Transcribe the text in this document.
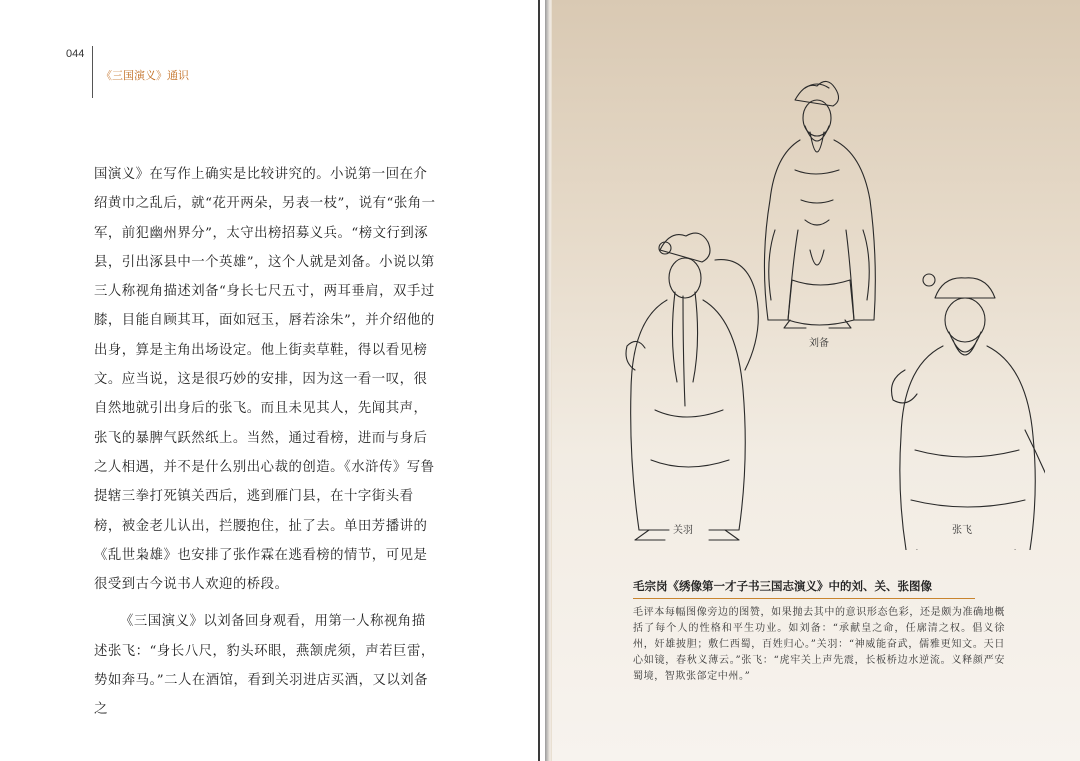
044
《三国演义》通识

国演义》在写作上确实是比较讲究的。小说第一回在介绍黄巾之乱后，就“花开两朵，另表一枝”，说有“张角一军，前犯幽州界分”，太守出榜招募义兵。“榜文行到涿县，引出涿县中一个英雄”，这个人就是刘备。小说以第三人称视角描述刘备“身长七尺五寸，两耳垂肩，双手过膝，目能自顾其耳，面如冠玉，唇若涂朱”，并介绍他的出身，算是主角出场设定。他上街卖草鞋，得以看见榜文。应当说，这是很巧妙的安排，因为这一看一叹，很自然地就引出身后的张飞。而且未见其人，先闻其声，张飞的暴脾气跃然纸上。当然，通过看榜，进而与身后之人相遇，并不是什么别出心裁的创造。《水浒传》写鲁提辖三拳打死镇关西后，逃到雁门县，在十字街头看榜，被金老儿认出，拦腰抱住，扯了去。单田芳播讲的《乱世枭雄》也安排了张作霖在逃看榜的情节，可见是很受到古今说书人欢迎的桥段。

《三国演义》以刘备回身观看，用第一人称视角描述张飞：“身长八尺，豹头环眼，燕颔虎须，声若巨雷，势如奔马。”二人在酒馆，看到关羽进店买酒，又以刘备之

刘备
关羽	张飞
毛宗岗《绣像第一才子书三国志演义》中的刘、关、张图像
毛评本每幅图像旁边的图赞，如果抛去其中的意识形态色彩，还是颇为准确地概括了每个人的性格和平生功业。如刘备：“承献皇之命，任廓清之权。倡义徐州，奸雄披胆；敷仁西蜀，百姓归心。”关羽：“神威能奋武，儒雅更知文。天日心如镜，春秋义薄云。”张飞：“虎牢关上声先震，长板桥边水逆流。义释颜严安蜀境，智欺张郃定中州。”
